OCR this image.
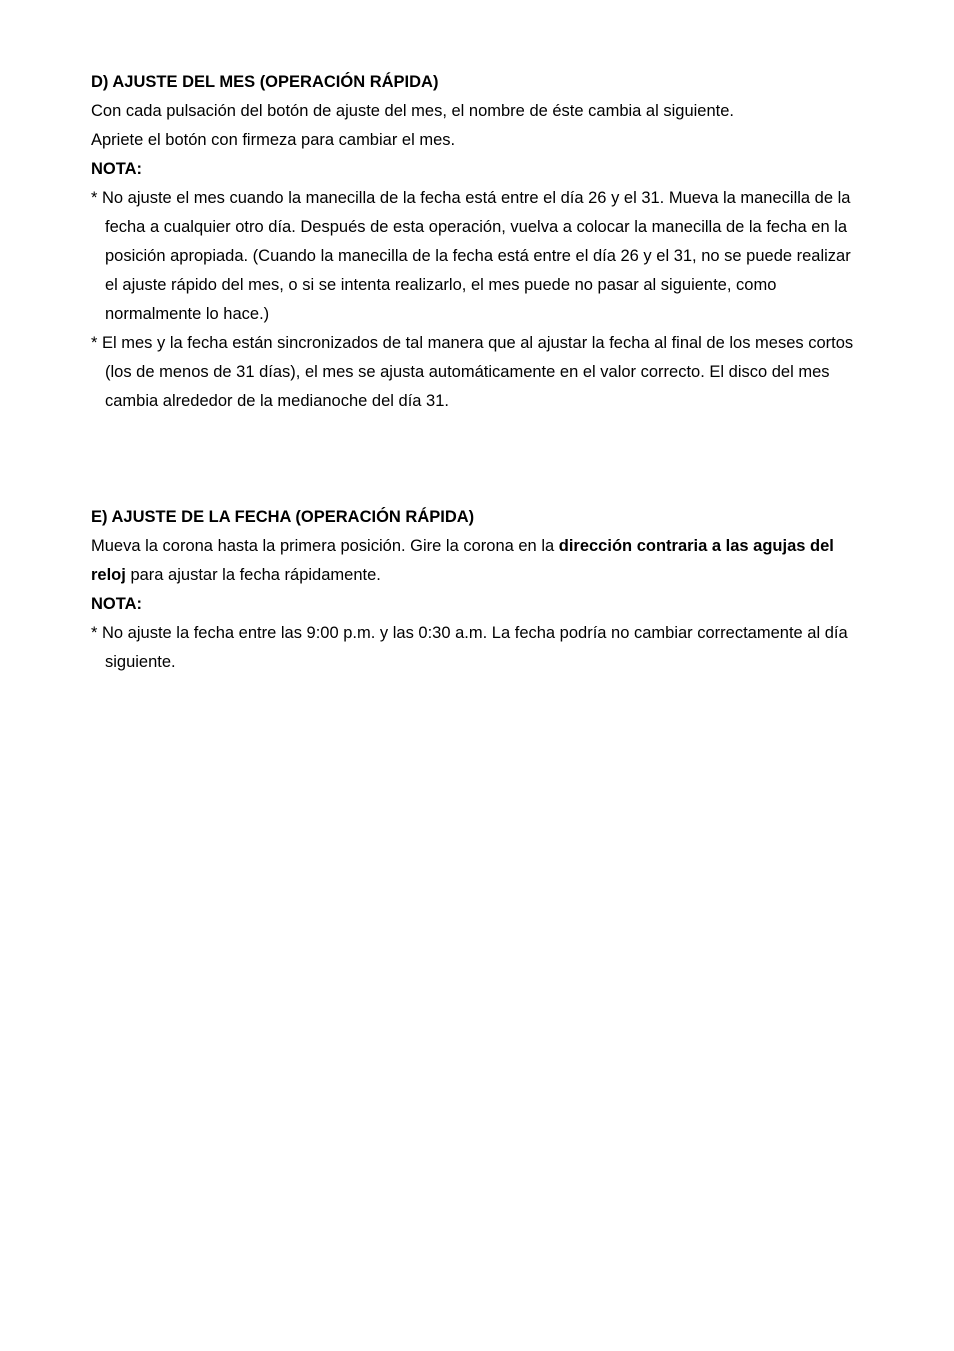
D) AJUSTE DEL MES (OPERACIÓN RÁPIDA)

Con cada pulsación del botón de ajuste del mes, el nombre de éste cambia al siguiente.

Apriete el botón con firmeza para cambiar el mes.

NOTA:

* No ajuste el mes cuando la manecilla de la fecha está entre el día 26 y el 31. Mueva la manecilla de la fecha a cualquier otro día. Después de esta operación, vuelva a colocar la manecilla de la fecha en la posición apropiada. (Cuando la manecilla de la fecha está entre el día 26 y el 31, no se puede realizar el ajuste rápido del mes, o si se intenta realizarlo, el mes puede no pasar al siguiente, como normalmente lo hace.)

* El mes y la fecha están sincronizados de tal manera que al ajustar la fecha al final de los meses cortos (los de menos de 31 días), el mes se ajusta automáticamente en el valor correcto. El disco del mes cambia alrededor de la medianoche del día 31.

E) AJUSTE DE LA FECHA (OPERACIÓN RÁPIDA)

Mueva la corona hasta la primera posición. Gire la corona en la dirección contraria a las agujas del reloj para ajustar la fecha rápidamente.

NOTA:

* No ajuste la fecha entre las 9:00 p.m. y las 0:30 a.m. La fecha podría no cambiar correctamente al día siguiente.
